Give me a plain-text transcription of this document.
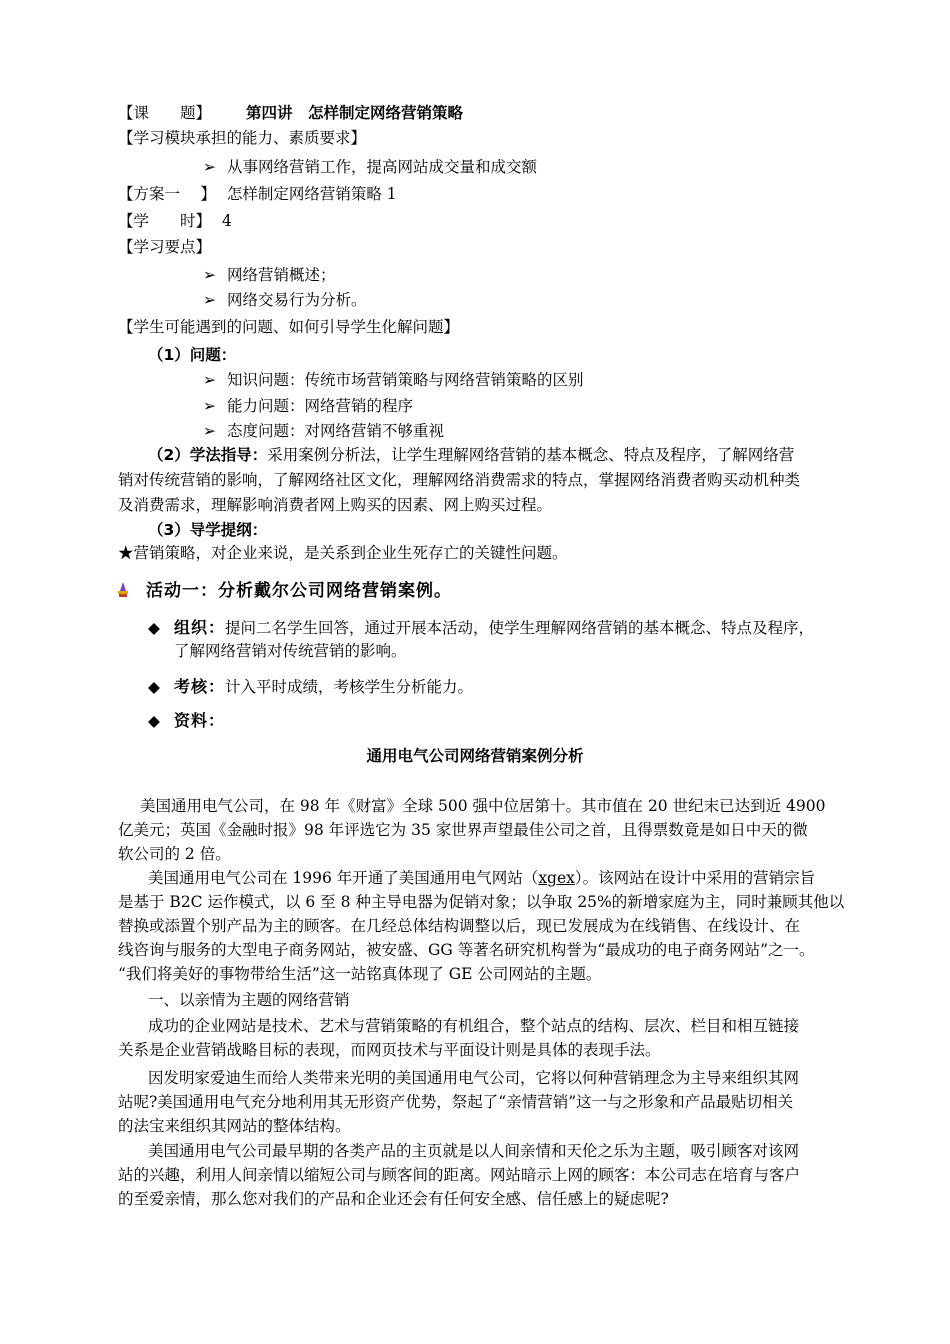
【课　　题】 第四讲　怎样制定网络营销策略
【学习模块承担的能力、素质要求】
➢ 从事网络营销工作，提高网站成交量和成交额
【方案一　 】 怎样制定网络营销策略 1
【学　　时】 4
【学习要点】
➢ 网络营销概述；
➢ 网络交易行为分析。
【学生可能遇到的问题、如何引导学生化解问题】
（1）问题：
➢ 知识问题：传统市场营销策略与网络营销策略的区别
➢ 能力问题：网络营销的程序
➢ 态度问题：对网络营销不够重视
（2）学法指导：采用案例分析法，让学生理解网络营销的基本概念、特点及程序，了解网络营
销对传统营销的影响，了解网络社区文化，理解网络消费需求的特点，掌握网络消费者购买动机种类
及消费需求，理解影响消费者网上购买的因素、网上购买过程。
（3）导学提纲：
★营销策略，对企业来说，是关系到企业生死存亡的关键性问题。
活动一：分析戴尔公司网络营销案例。
◆ 组织：提问二名学生回答，通过开展本活动，使学生理解网络营销的基本概念、特点及程序，
了解网络营销对传统营销的影响。
◆ 考核：计入平时成绩，考核学生分析能力。
◆ 资料：
通用电气公司网络营销案例分析
美国通用电气公司，在 98 年《财富》全球 500 强中位居第十。其市值在 20 世纪末已达到近 4900
亿美元；英国《金融时报》98 年评选它为 35 家世界声望最佳公司之首，且得票数竟是如日中天的微
软公司的 2 倍。
美国通用电气公司在 1996 年开通了美国通用电气网站（xgex）。该网站在设计中采用的营销宗旨
是基于 B2C 运作模式，以 6 至 8 种主导电器为促销对象；以争取 25%的新增家庭为主，同时兼顾其他以
替换或添置个别产品为主的顾客。在几经总体结构调整以后，现已发展成为在线销售、在线设计、在
线咨询与服务的大型电子商务网站，被安盛、GG 等著名研究机构誉为“最成功的电子商务网站”之一。
“我们将美好的事物带给生活”这一站铭真体现了 GE 公司网站的主题。
一、以亲情为主题的网络营销
成功的企业网站是技术、艺术与营销策略的有机组合，整个站点的结构、层次、栏目和相互链接
关系是企业营销战略目标的表现，而网页技术与平面设计则是具体的表现手法。
因发明家爱迪生而给人类带来光明的美国通用电气公司，它将以何种营销理念为主导来组织其网
站呢?美国通用电气充分地利用其无形资产优势，祭起了“亲情营销”这一与之形象和产品最贴切相关
的法宝来组织其网站的整体结构。
美国通用电气公司最早期的各类产品的主页就是以人间亲情和天伦之乐为主题，吸引顾客对该网
站的兴趣，利用人间亲情以缩短公司与顾客间的距离。网站暗示上网的顾客：本公司志在培育与客户
的至爱亲情，那么您对我们的产品和企业还会有任何安全感、信任感上的疑虑呢?
